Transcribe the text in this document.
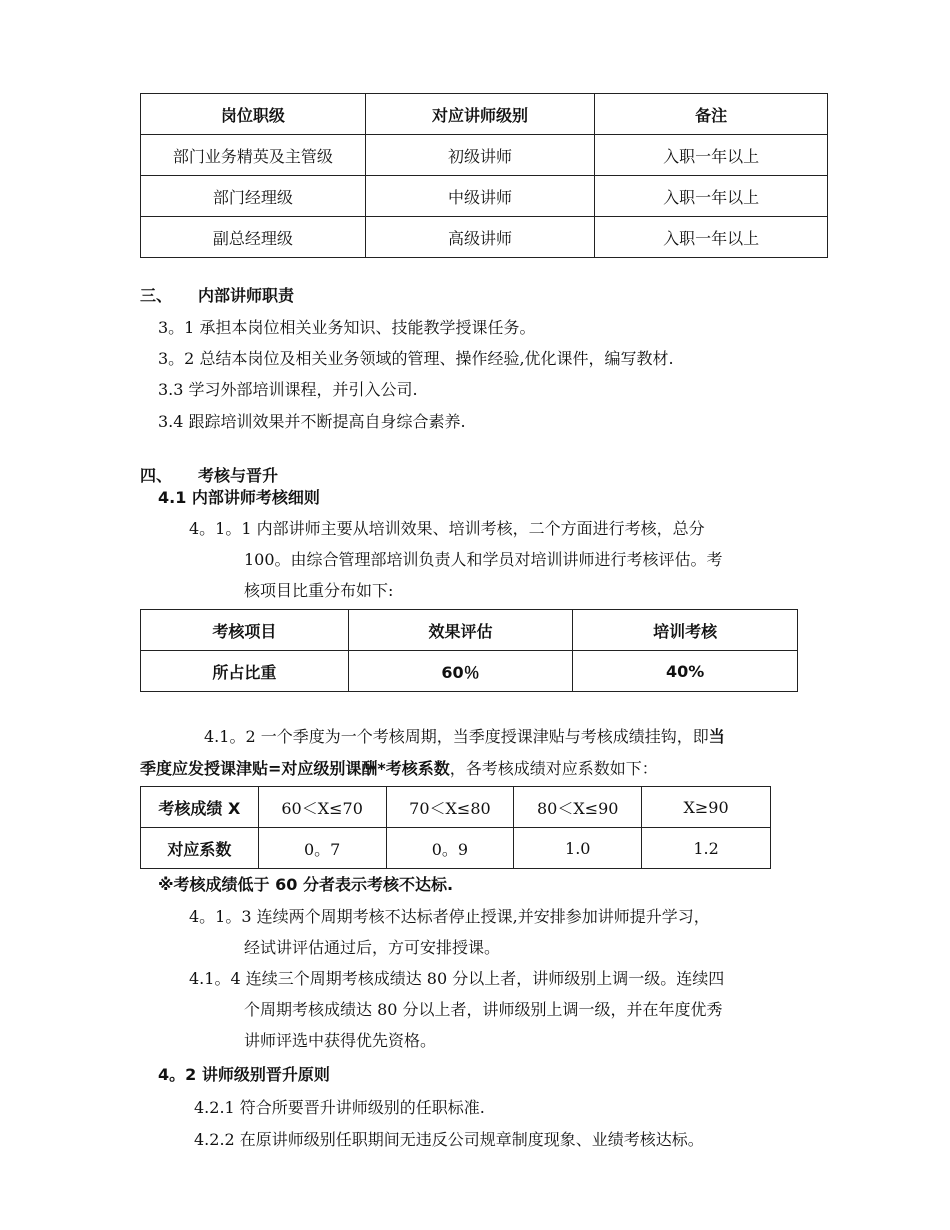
岗位职级	对应讲师级别	备注
部门业务精英及主管级	初级讲师	入职一年以上
部门经理级	中级讲师	入职一年以上
副总经理级	高级讲师	入职一年以上
三、 内部讲师职责
3。1 承担本岗位相关业务知识、技能教学授课任务。
3。2 总结本岗位及相关业务领域的管理、操作经验,优化课件，编写教材.
3.3 学习外部培训课程，并引入公司.
3.4 跟踪培训效果并不断提高自身综合素养.
四、 考核与晋升
4.1 内部讲师考核细则
4。1。1 内部讲师主要从培训效果、培训考核，二个方面进行考核，总分
100。由综合管理部培训负责人和学员对培训讲师进行考核评估。考
核项目比重分布如下:
考核项目	效果评估	培训考核
所占比重	60％	40%
4.1。2 一个季度为一个考核周期，当季度授课津贴与考核成绩挂钩，即当
季度应发授课津贴=对应级别课酬*考核系数，各考核成绩对应系数如下：
考核成绩 X	60＜X≤70	70＜X≤80	80＜X≤90	X≥90
对应系数	0。7	0。9	1.0	1.2
※考核成绩低于 60 分者表示考核不达标.
4。1。3 连续两个周期考核不达标者停止授课,并安排参加讲师提升学习，
经试讲评估通过后，方可安排授课。
4.1。4 连续三个周期考核成绩达 80 分以上者，讲师级别上调一级。连续四
个周期考核成绩达 80 分以上者，讲师级别上调一级，并在年度优秀
讲师评选中获得优先资格。
4。2 讲师级别晋升原则
4.2.1 符合所要晋升讲师级别的任职标准.
4.2.2 在原讲师级别任职期间无违反公司规章制度现象、业绩考核达标。
